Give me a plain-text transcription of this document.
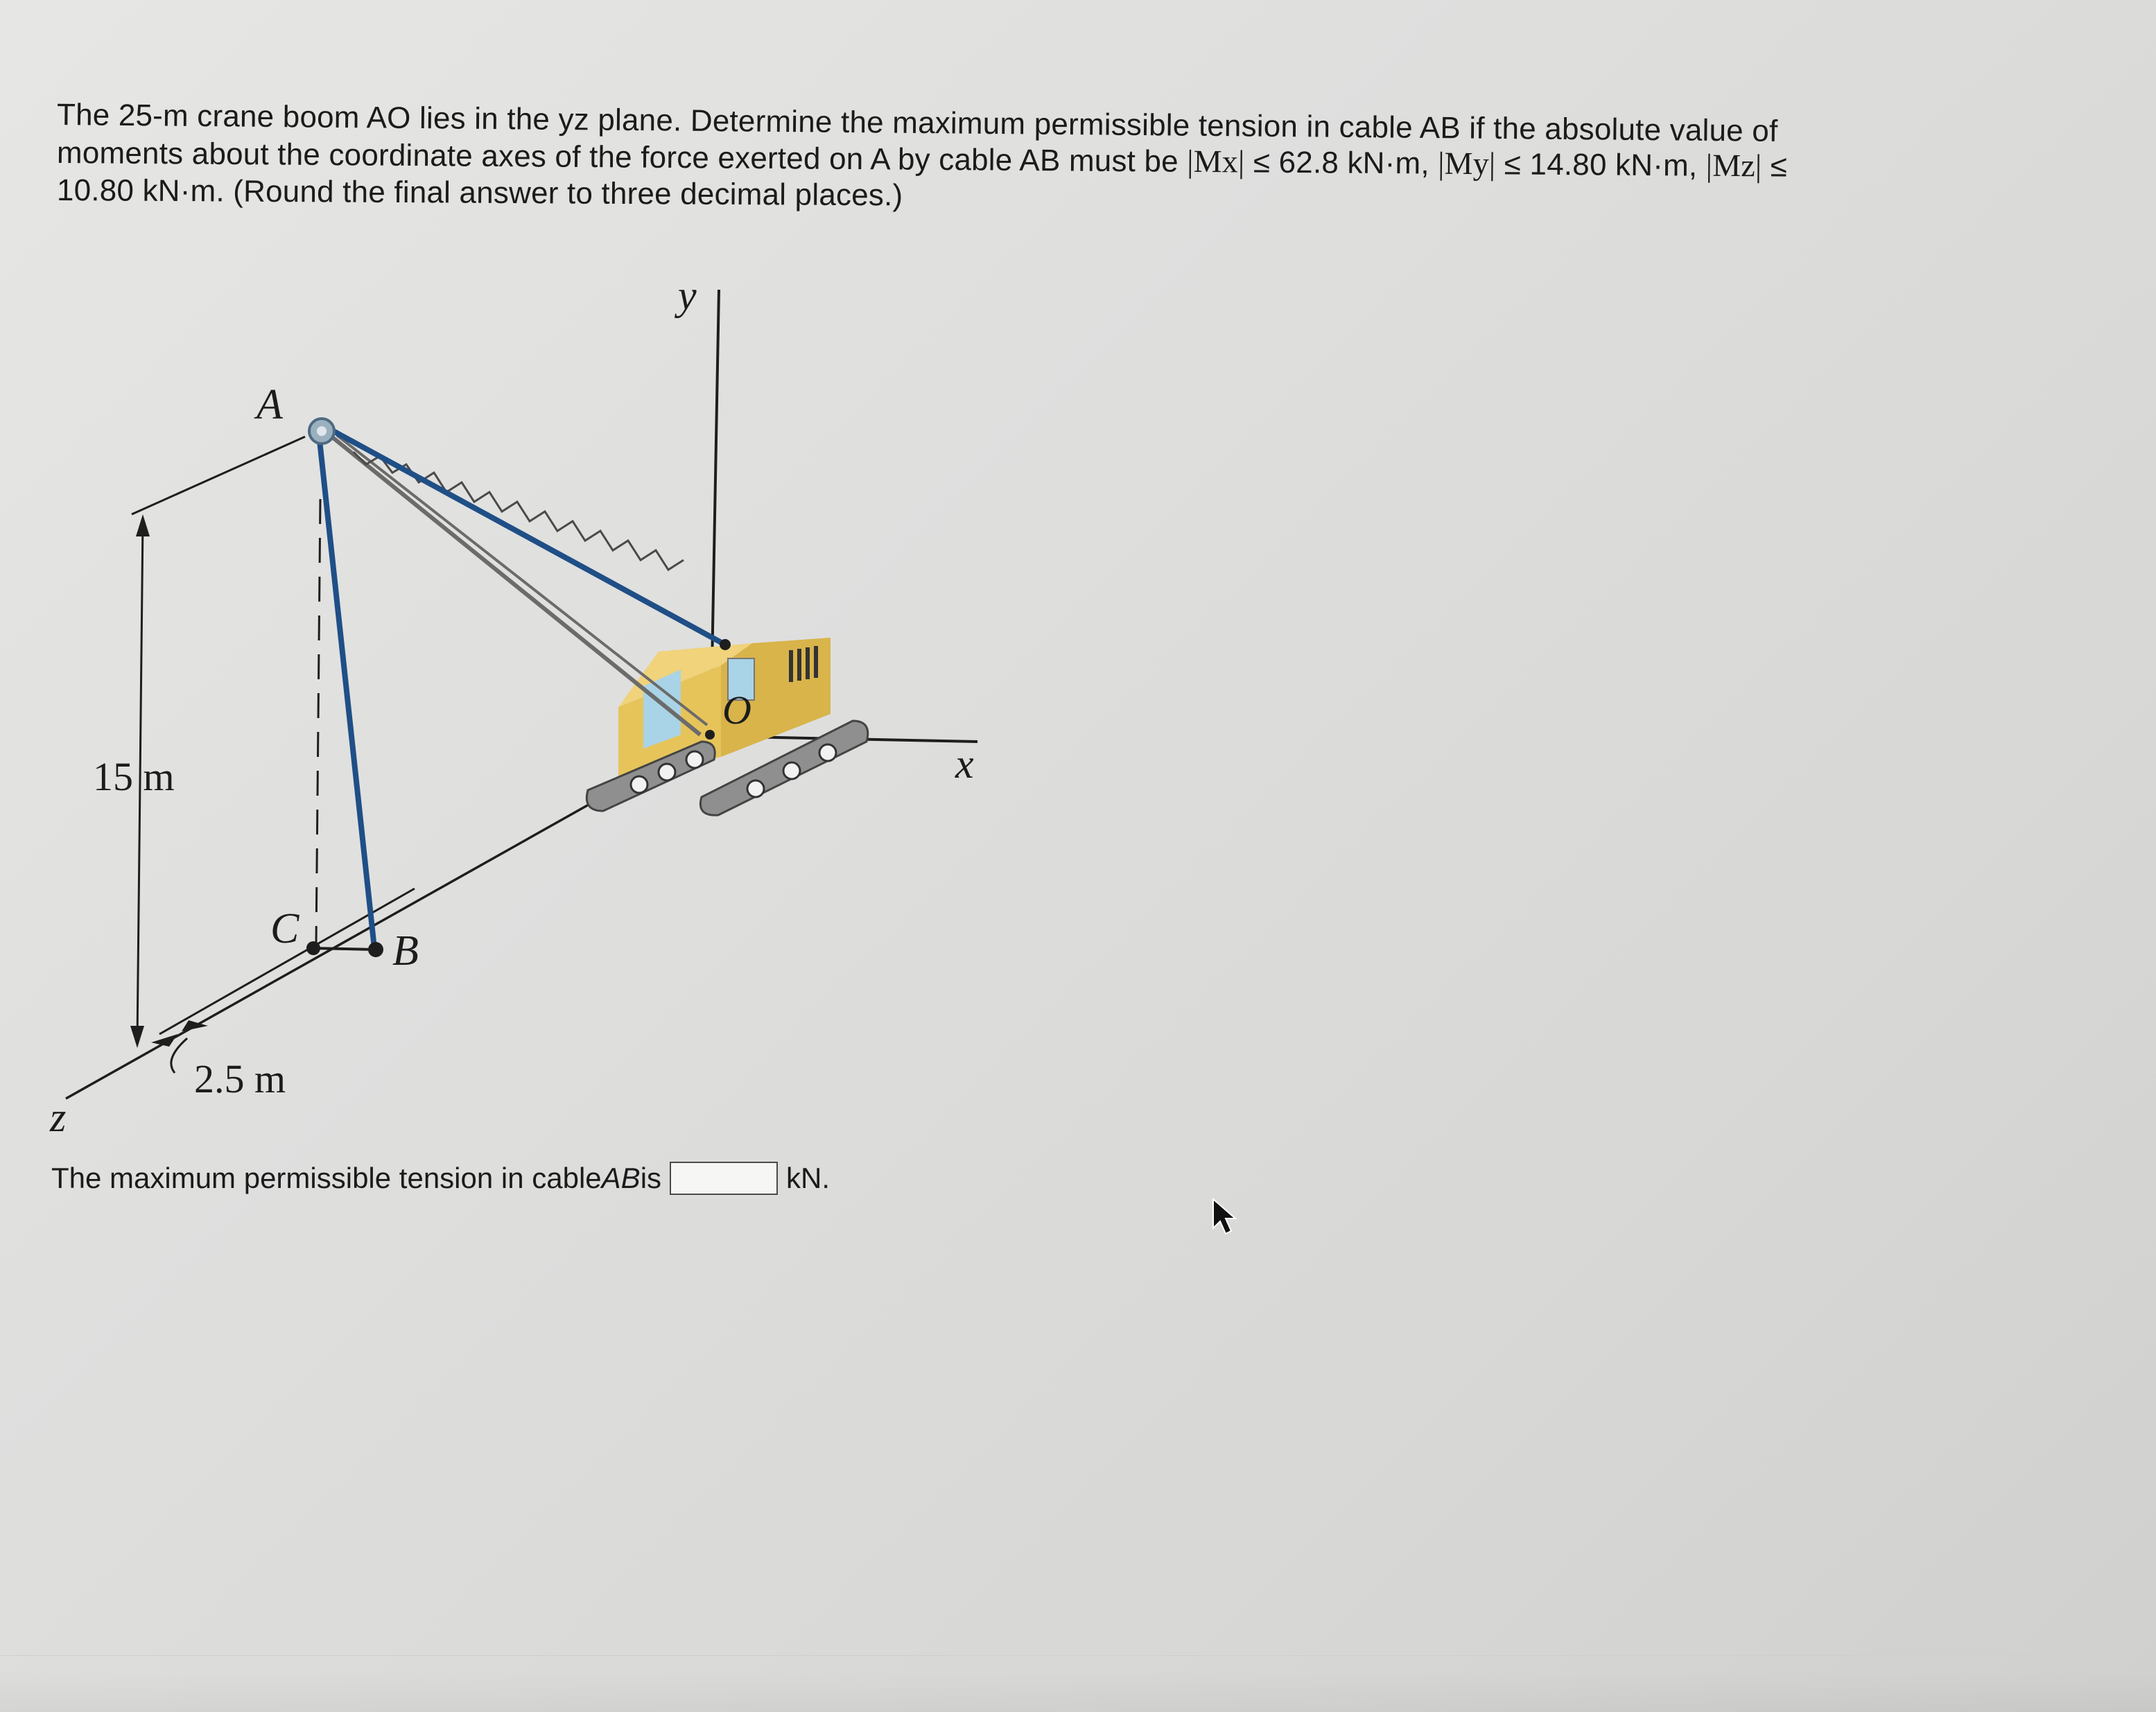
The 25-m crane boom AO lies in the yz plane. Determine the maximum permissible tension in cable AB if the absolute value of
moments about the coordinate axes of the force exerted on A by cable AB must be |Mx| ≤ 62.8 kN·m, |My| ≤ 14.80 kN·m, |Mz| ≤
10.80 kN·m. (Round the final answer to three decimal places.)
15 m
2.5 m
y
x
z
A
B
C
O
The maximum permissible tension in cable AB is	kN.
